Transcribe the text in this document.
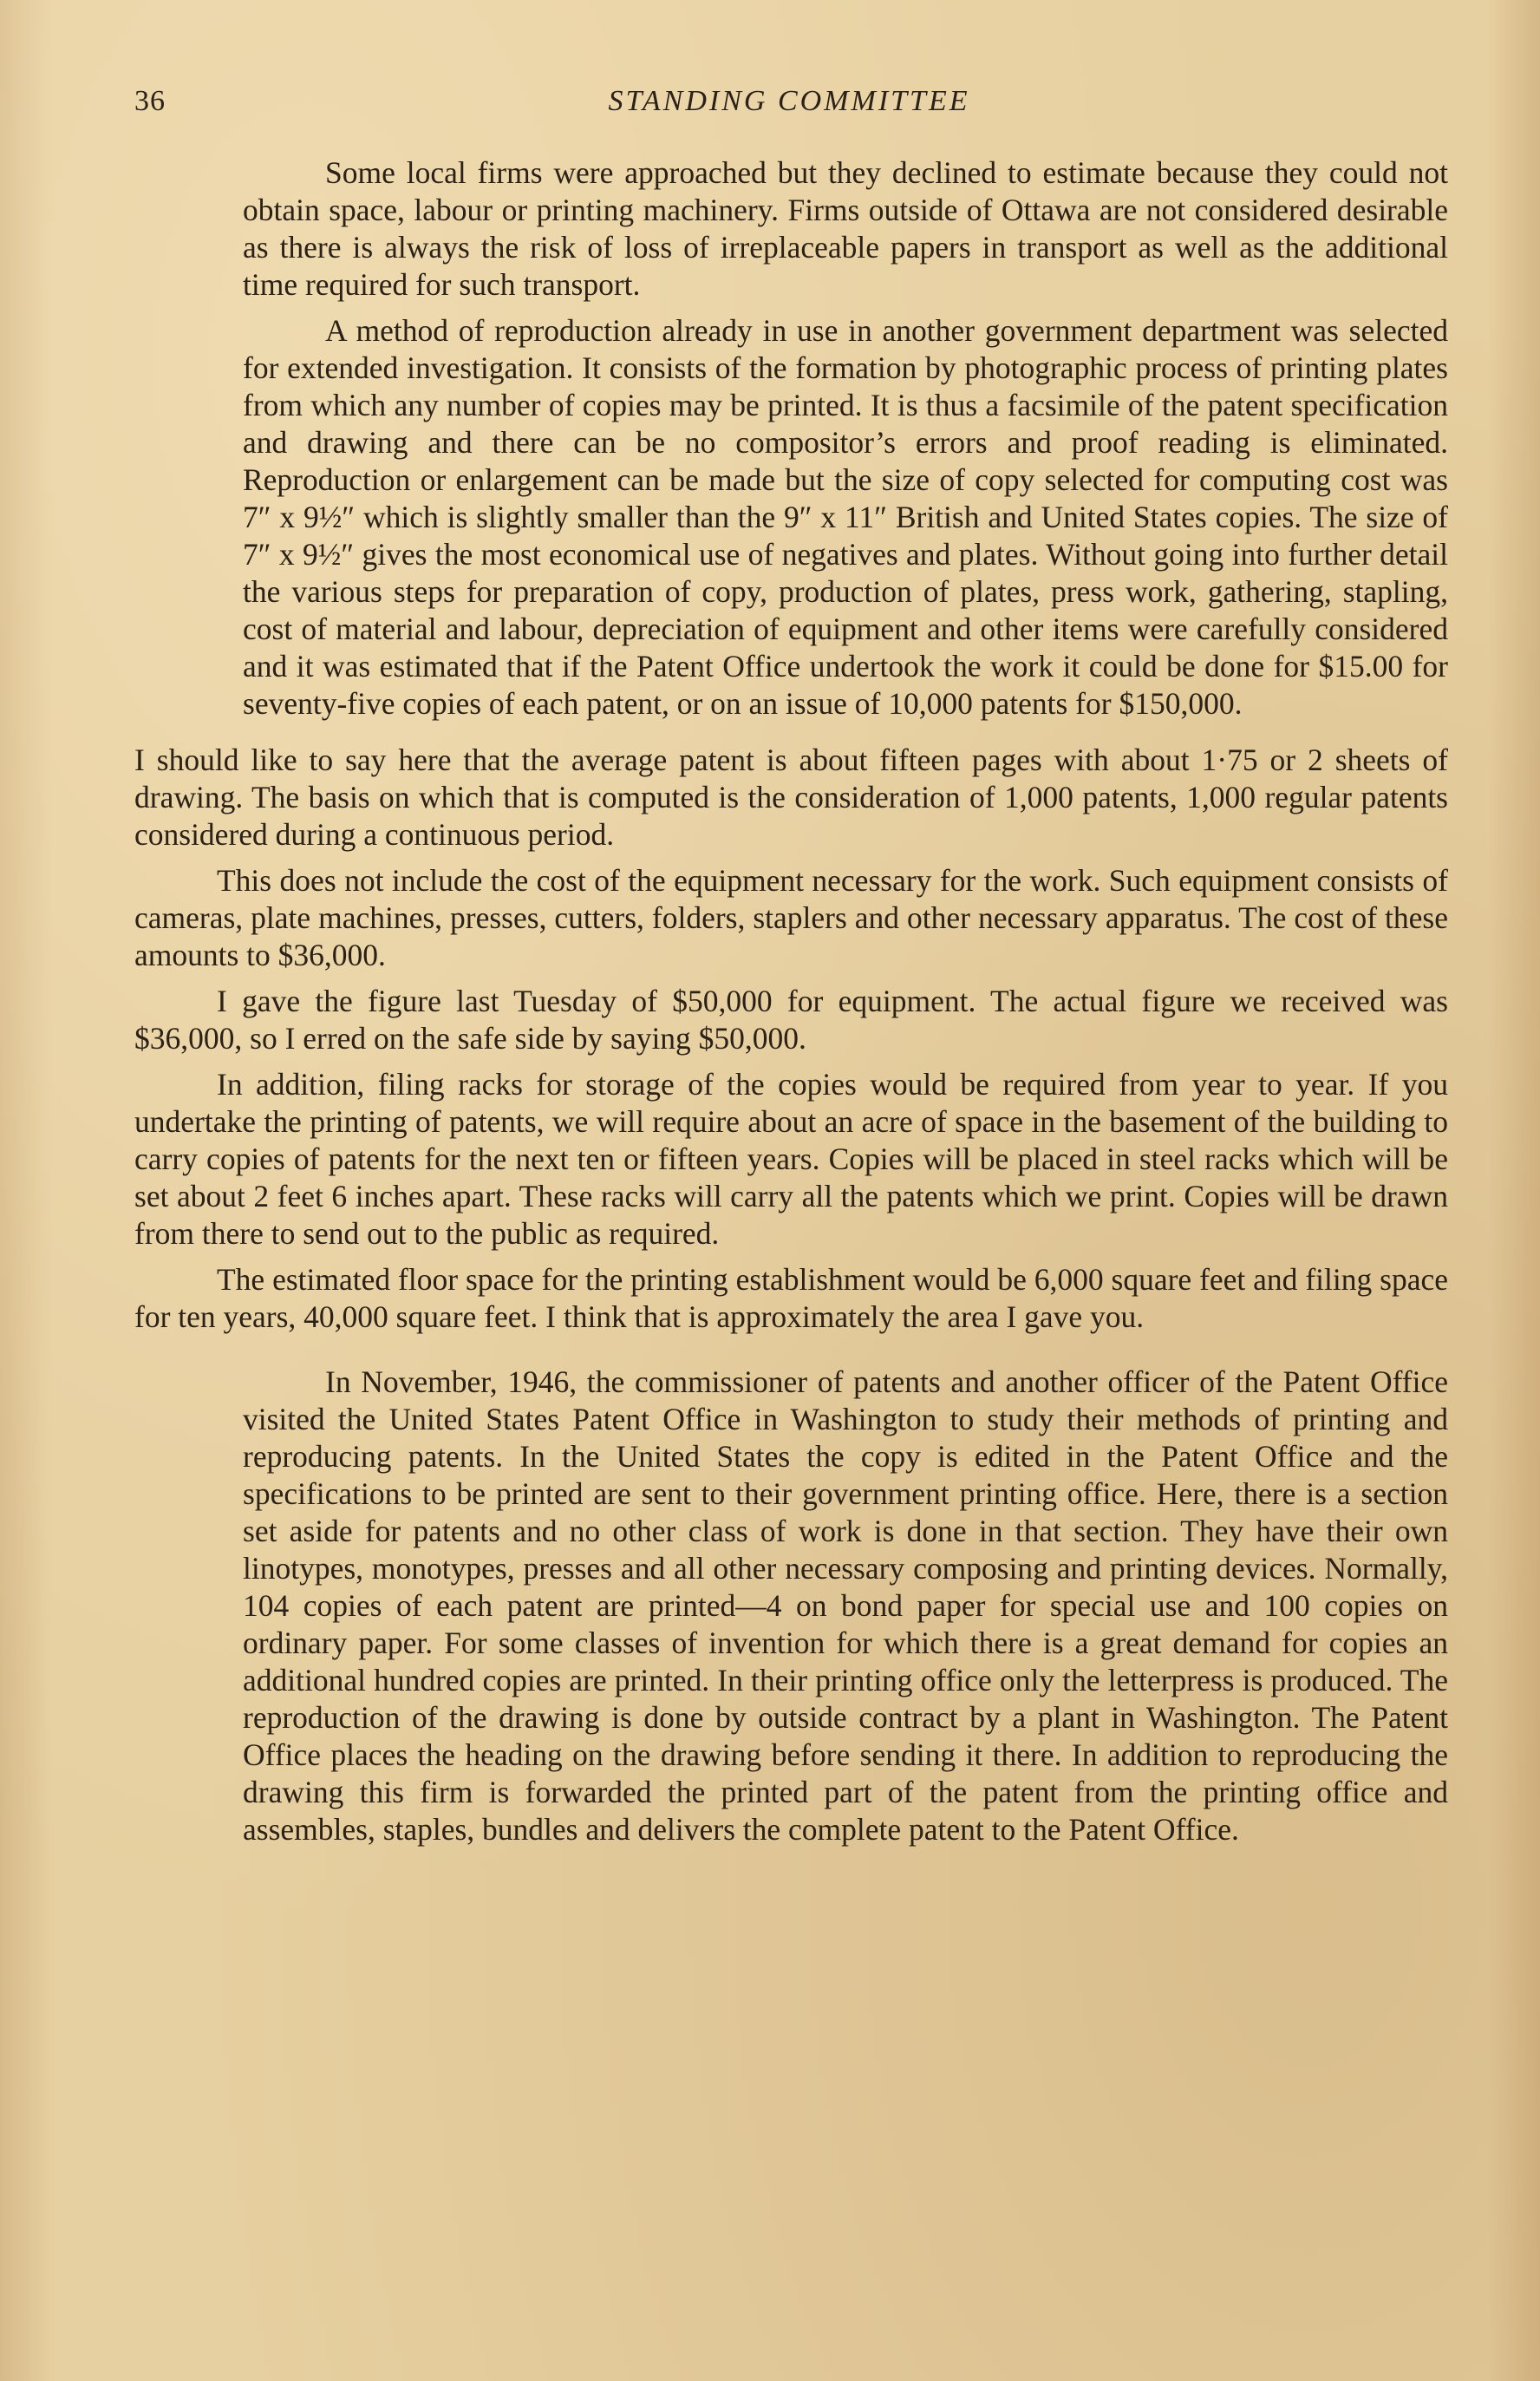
36	STANDING COMMITTEE

Some local firms were approached but they declined to estimate because they could not obtain space, labour or printing machinery. Firms outside of Ottawa are not considered desirable as there is always the risk of loss of irreplaceable papers in transport as well as the additional time required for such transport.

A method of reproduction already in use in another government department was selected for extended investigation. It consists of the formation by photographic process of printing plates from which any number of copies may be printed. It is thus a facsimile of the patent specification and drawing and there can be no compositor’s errors and proof reading is eliminated. Reproduction or enlargement can be made but the size of copy selected for computing cost was 7″ x 9½″ which is slightly smaller than the 9″ x 11″ British and United States copies. The size of 7″ x 9½″ gives the most economical use of negatives and plates. Without going into further detail the various steps for preparation of copy, production of plates, press work, gathering, stapling, cost of material and labour, depreciation of equipment and other items were carefully considered and it was estimated that if the Patent Office undertook the work it could be done for $15.00 for seventy-five copies of each patent, or on an issue of 10,000 patents for $150,000.

I should like to say here that the average patent is about fifteen pages with about 1·75 or 2 sheets of drawing. The basis on which that is computed is the consideration of 1,000 patents, 1,000 regular patents considered during a continuous period.

This does not include the cost of the equipment necessary for the work. Such equipment consists of cameras, plate machines, presses, cutters, folders, staplers and other necessary apparatus. The cost of these amounts to $36,000.

I gave the figure last Tuesday of $50,000 for equipment. The actual figure we received was $36,000, so I erred on the safe side by saying $50,000.

In addition, filing racks for storage of the copies would be required from year to year. If you undertake the printing of patents, we will require about an acre of space in the basement of the building to carry copies of patents for the next ten or fifteen years. Copies will be placed in steel racks which will be set about 2 feet 6 inches apart. These racks will carry all the patents which we print. Copies will be drawn from there to send out to the public as required.

The estimated floor space for the printing establishment would be 6,000 square feet and filing space for ten years, 40,000 square feet. I think that is approximately the area I gave you.

In November, 1946, the commissioner of patents and another officer of the Patent Office visited the United States Patent Office in Washington to study their methods of printing and reproducing patents. In the United States the copy is edited in the Patent Office and the specifications to be printed are sent to their government printing office. Here, there is a section set aside for patents and no other class of work is done in that section. They have their own linotypes, monotypes, presses and all other necessary composing and printing devices. Normally, 104 copies of each patent are printed—4 on bond paper for special use and 100 copies on ordinary paper. For some classes of invention for which there is a great demand for copies an additional hundred copies are printed. In their printing office only the letterpress is produced. The reproduction of the drawing is done by outside contract by a plant in Washington. The Patent Office places the heading on the drawing before sending it there. In addition to reproducing the drawing this firm is forwarded the printed part of the patent from the printing office and assembles, staples, bundles and delivers the complete patent to the Patent Office.
